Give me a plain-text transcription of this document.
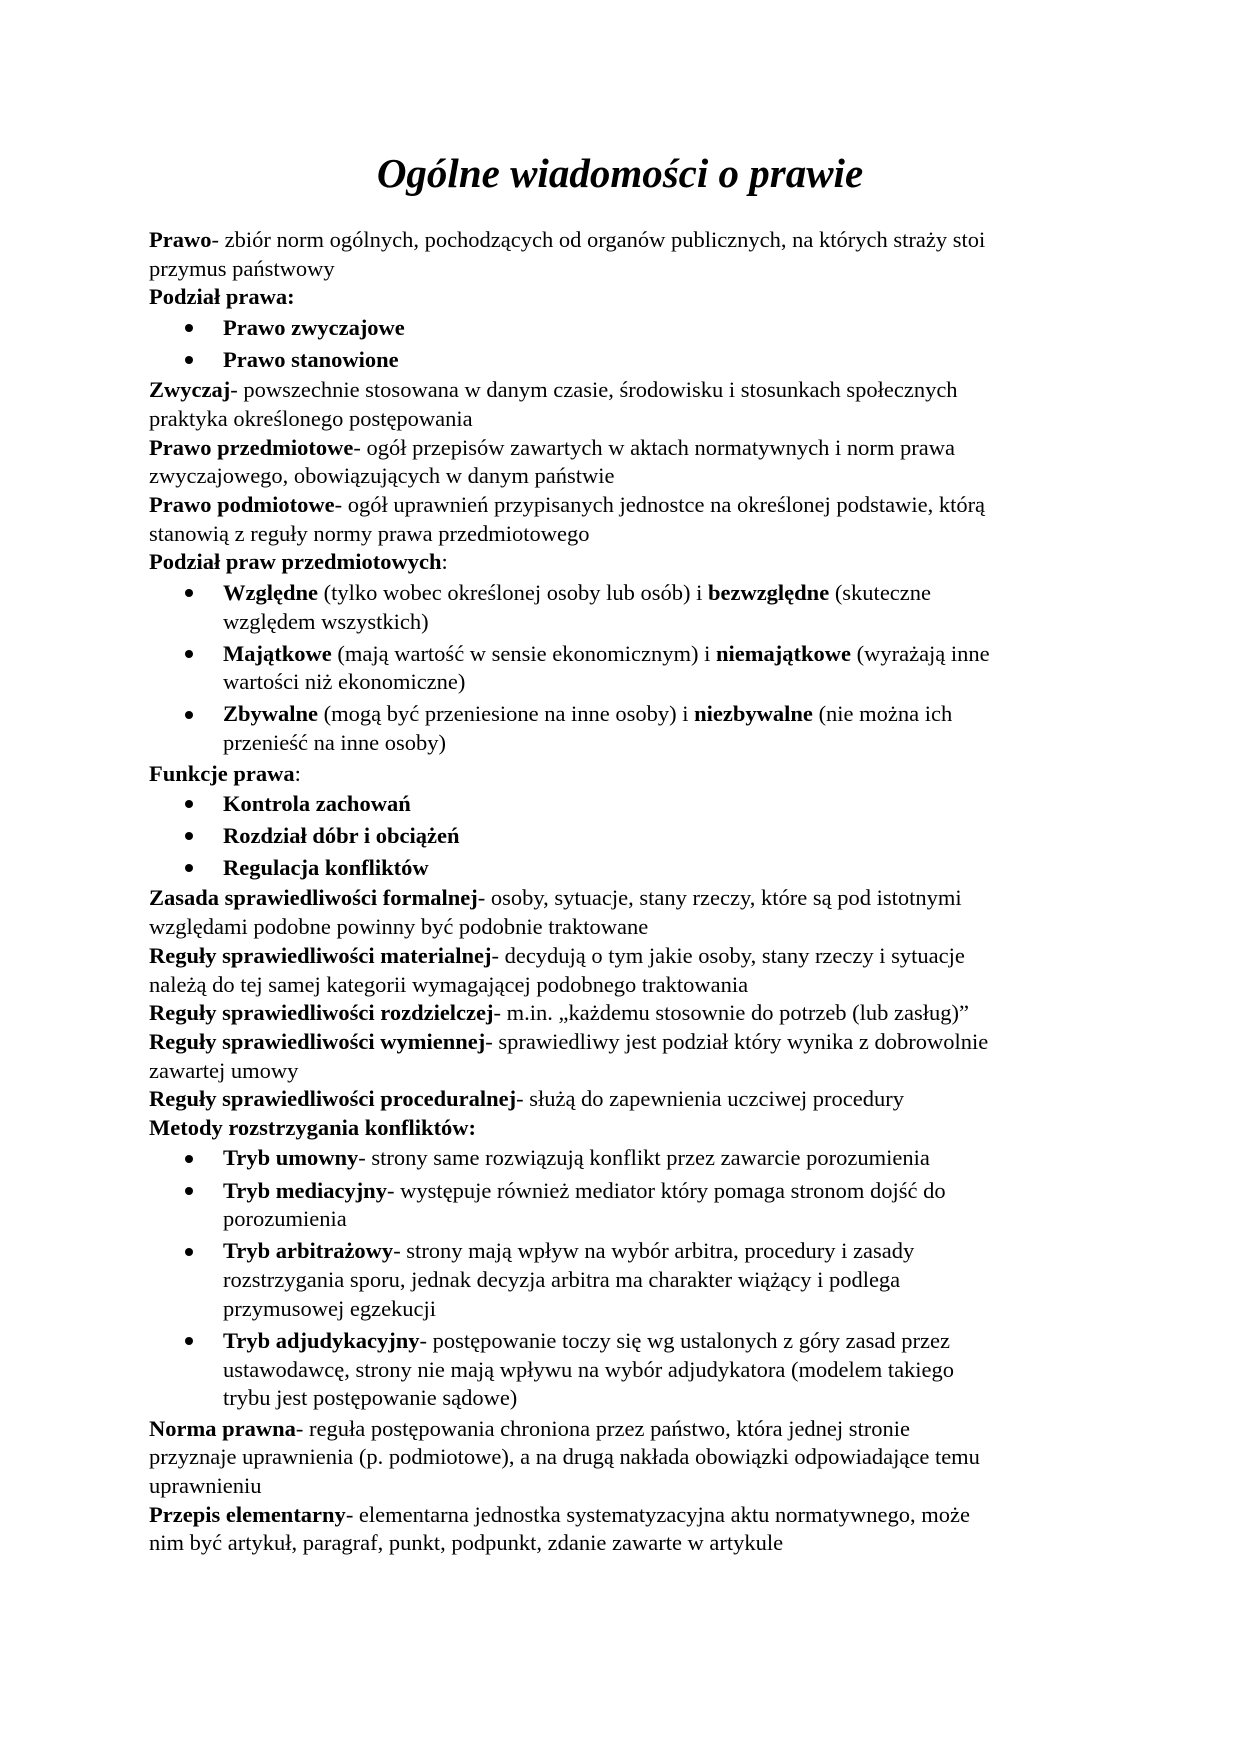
Ogólne wiadomości o prawie

Prawo- zbiór norm ogólnych, pochodzących od organów publicznych, na których straży stoi
przymus państwowy

Podział prawa:

Prawo zwyczajowe
Prawo stanowione

Zwyczaj- powszechnie stosowana w danym czasie, środowisku i stosunkach społecznych
praktyka określonego postępowania

Prawo przedmiotowe- ogół przepisów zawartych w aktach normatywnych i norm prawa
zwyczajowego, obowiązujących w danym państwie

Prawo podmiotowe- ogół uprawnień przypisanych jednostce na określonej podstawie, którą
stanowią z reguły normy prawa przedmiotowego

Podział praw przedmiotowych:

Względne (tylko wobec określonej osoby lub osób) i bezwzględne (skuteczne
względem wszystkich)
Majątkowe (mają wartość w sensie ekonomicznym) i niemajątkowe (wyrażają inne
wartości niż ekonomiczne)
Zbywalne (mogą być przeniesione na inne osoby) i niezbywalne (nie można ich
przenieść na inne osoby)

Funkcje prawa:

Kontrola zachowań
Rozdział dóbr i obciążeń
Regulacja konfliktów

Zasada sprawiedliwości formalnej- osoby, sytuacje, stany rzeczy, które są pod istotnymi
względami podobne powinny być podobnie traktowane

Reguły sprawiedliwości materialnej- decydują o tym jakie osoby, stany rzeczy i sytuacje
należą do tej samej kategorii wymagającej podobnego traktowania

Reguły sprawiedliwości rozdzielczej- m.in. „każdemu stosownie do potrzeb (lub zasług)”

Reguły sprawiedliwości wymiennej- sprawiedliwy jest podział który wynika z dobrowolnie
zawartej umowy

Reguły sprawiedliwości proceduralnej- służą do zapewnienia uczciwej procedury

Metody rozstrzygania konfliktów:

Tryb umowny- strony same rozwiązują konflikt przez zawarcie porozumienia
Tryb mediacyjny- występuje również mediator który pomaga stronom dojść do
porozumienia
Tryb arbitrażowy- strony mają wpływ na wybór arbitra, procedury i zasady
rozstrzygania sporu, jednak decyzja arbitra ma charakter wiążący i podlega
przymusowej egzekucji
Tryb adjudykacyjny- postępowanie toczy się wg ustalonych z góry zasad przez
ustawodawcę, strony nie mają wpływu na wybór adjudykatora (modelem takiego
trybu jest postępowanie sądowe)

Norma prawna- reguła postępowania chroniona przez państwo, która jednej stronie
przyznaje uprawnienia (p. podmiotowe), a na drugą nakłada obowiązki odpowiadające temu
uprawnieniu

Przepis elementarny- elementarna jednostka systematyzacyjna aktu normatywnego, może
nim być artykuł, paragraf, punkt, podpunkt, zdanie zawarte w artykule
